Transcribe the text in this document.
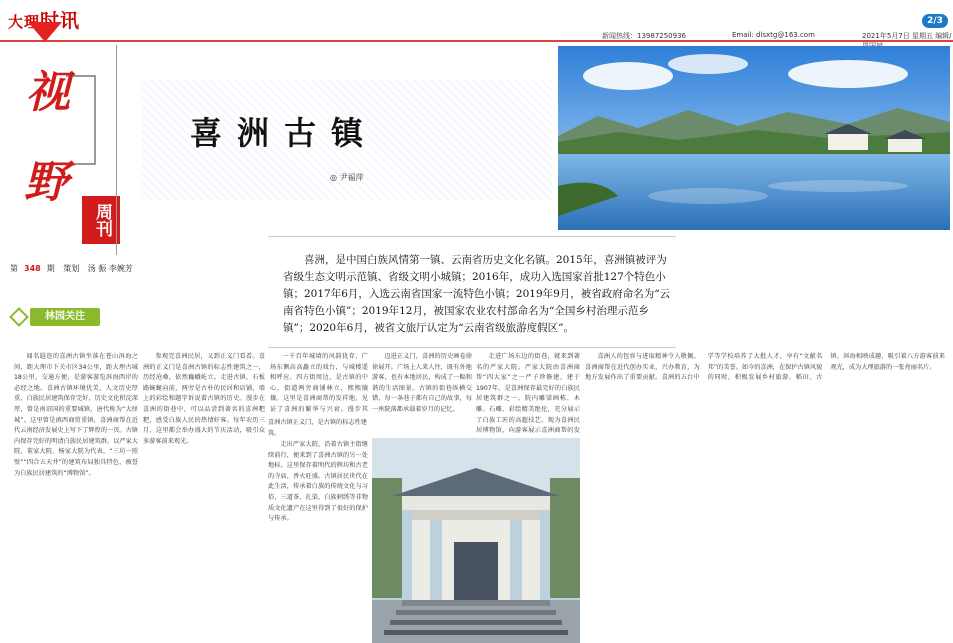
大理时讯
新闻热线：13987250936	Email: dlsxtg@163.com	2021年5月7日 星期五 编辑/
2/3
视
野
周刊
第 348 期 策划 汤 振 李婉芳
林园关注
喜洲古镇
◎ 尹福萍

喜洲，是中国白族风情第一镇、云南省历史文化名镇。2015年，喜洲镇被评为省级生态文明示范镇、省级文明小城镇；2016年，成功入选国家首批127个特色小镇；2017年6月，入选云南省国家一流特色小镇；2019年9月，被省政府命名为“云南省特色小镇”；2019年12月，被国家农业农村部命名为“全国乡村治理示范乡镇”；2020年6月，被省文旅厅认定为“云南省级旅游度假区”。

闻名遐迩的喜洲古镇坐落在苍山洱海之间，距大理市下关市区34公里，距大理古城18公里，交通方便，是游客游览洱海西岸的必经之地。喜洲古镇环境优美，人文历史厚重，白族民居建筑保存完好，历史文化积淀深厚，曾是南诏国的重要城镇，唐代称为“大厘城”。这里曾是滇西商贸重镇，喜洲商帮在近代云南经济发展史上写下了辉煌的一页。古镇内保存完好的明清白族民居建筑群，以严家大院、董家大院、杨家大院为代表，“三坊一照壁”“四合五天井”的建筑布局独具特色，被誉为白族民居建筑的“博物馆”。

参观完喜洲民居，又到正义门看看。喜洲的正义门是喜洲古镇的标志性建筑之一，历经沧桑，依然巍峨屹立。走进古镇，石板路蜿蜒向前，两旁是古朴的民居和店铺，墙上的彩绘和题字诉说着古镇的历史。漫步在喜洲的街巷中，可以品尝到著名的喜洲粑粑，感受白族人民的热情好客。每年农历三月，这里都会举办盛大的节庆活动，吸引众多游客前来观光。

一千百年城墙的风韵犹存，广场东侧高高矗立的戏台，与城楼遥相呼应。四方街周边，是古镇的中心，街道两旁商铺林立，熙熙攘攘。这里是喜洲商帮的发祥地，见证了喜洲的繁华与兴衰。漫步其

迈进正义门，喜洲的历史画卷徐徐展开。广场上人来人往，既有外地游客，也有本地居民，构成了一幅和谐的生活图景。古镇的街巷纵横交错，每一条巷子都有自己的故事，每一座院落都承载着岁月的记忆。

走进广场东边的街巷，就来到著名的严家大院。严家大院由喜洲商帮“四大家”之一严子珍修建，建于1907年，是喜洲保存最完好的白族民居建筑群之一。院内雕梁画栋，木雕、石雕、彩绘精美绝伦，充分展示了白族工匠的高超技艺。现为喜洲民居博物馆，向游客展示喜洲商帮的发

喜洲古镇正义门，是古镇的标志性建筑。

走出严家大院，沿着古镇主街继续前行，便来到了喜洲古镇的另一处地标。这里保存着明代的牌坊和古老的寺庙，香火旺盛。古镇居民世代在此生活，传承着白族的传统文化与习俗，三道茶、扎染、白族刺绣等非物质文化遗产在这里得到了很好的保护与传承。

喜洲人的包容与进取精神令人敬佩。喜洲商帮在近代创办实业，兴办教育，为地方发展作出了重要贡献。喜洲的五台中学等学校培养了大批人才，享有“文献名邦”的美誉。如今的喜洲，在保护古镇风貌的同时，积极发展乡村旅游，稻田、古镇、洱海相映成趣，吸引着八方游客前来观光，成为大理旅游的一张亮丽名片。
